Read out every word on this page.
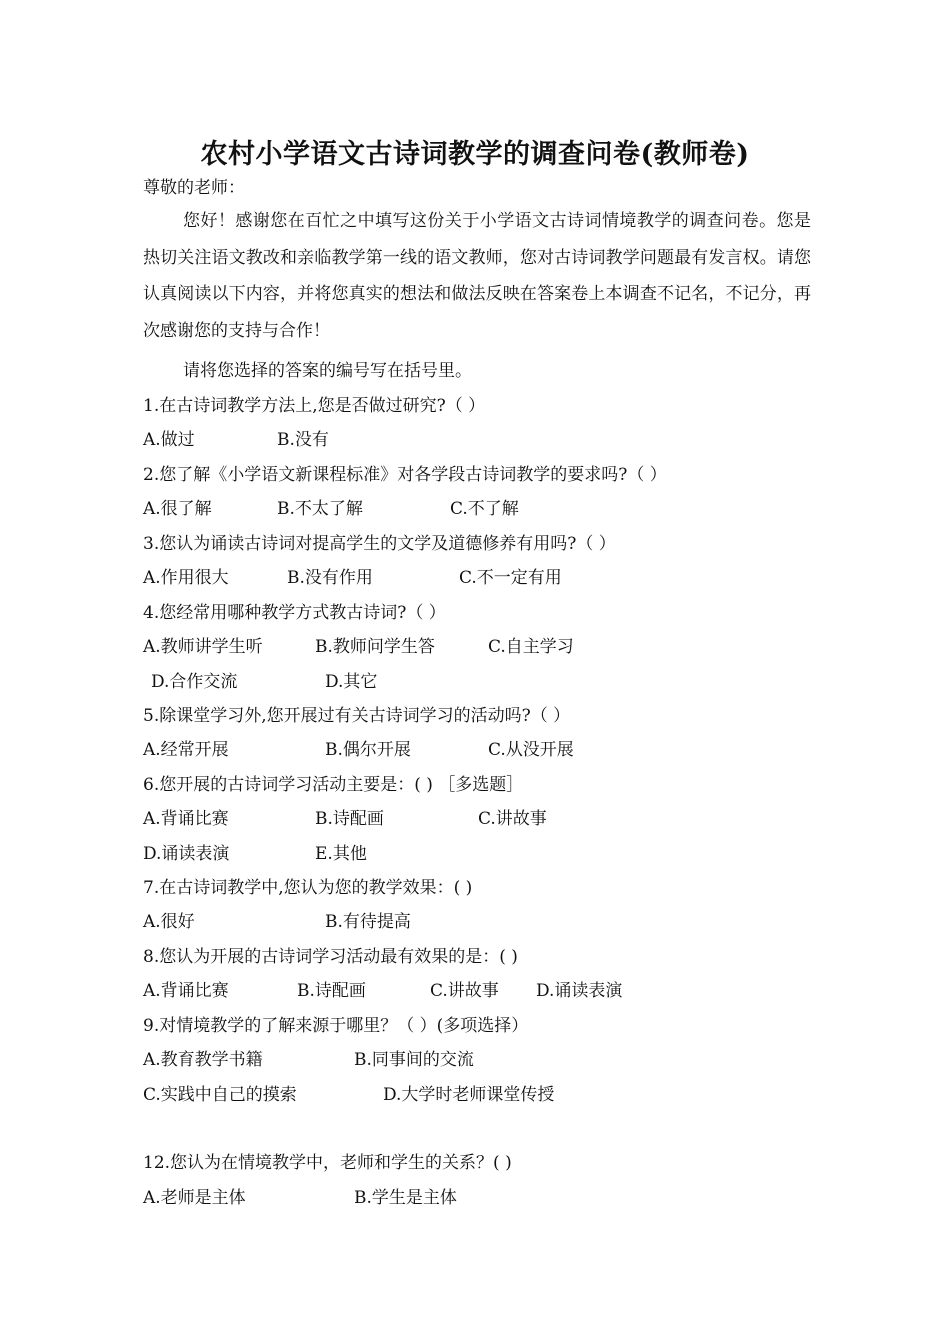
农村小学语文古诗词教学的调查问卷(教师卷)
尊敬的老师：
您好！感谢您在百忙之中填写这份关于小学语文古诗词情境教学的调查问卷。您是热切关注语文教改和亲临教学第一线的语文教师，您对古诗词教学问题最有发言权。请您认真阅读以下内容，并将您真实的想法和做法反映在答案卷上本调查不记名，不记分，再次感谢您的支持与合作！
请将您选择的答案的编号写在括号里。
1.在古诗词教学方法上,您是否做过研究?（ ）
A.做过	B.没有
2.您了解《小学语文新课程标准》对各学段古诗词教学的要求吗?（ ）
A.很了解	B.不太了解	C.不了解
3.您认为诵读古诗词对提高学生的文学及道德修养有用吗?（ ）
A.作用很大	B.没有作用	C.不一定有用
4.您经常用哪种教学方式教古诗词?（ ）
A.教师讲学生听	B.教师问学生答	C.自主学习
D.合作交流	D.其它
5.除课堂学习外,您开展过有关古诗词学习的活动吗?（ ）
A.经常开展	B.偶尔开展	C.从没开展
6.您开展的古诗词学习活动主要是：( ) ［多选题］
A.背诵比赛	B.诗配画	C.讲故事
D.诵读表演	E.其他
7.在古诗词教学中,您认为您的教学效果：( )
A.很好	B.有待提高
8.您认为开展的古诗词学习活动最有效果的是：( )
A.背诵比赛	B.诗配画	C.讲故事 D.诵读表演
9.对情境教学的了解来源于哪里？（ ）(多项选择）
A.教育教学书籍	B.同事间的交流
C.实践中自己的摸索	D.大学时老师课堂传授
12.您认为在情境教学中，老师和学生的关系？( )
A.老师是主体	B.学生是主体
